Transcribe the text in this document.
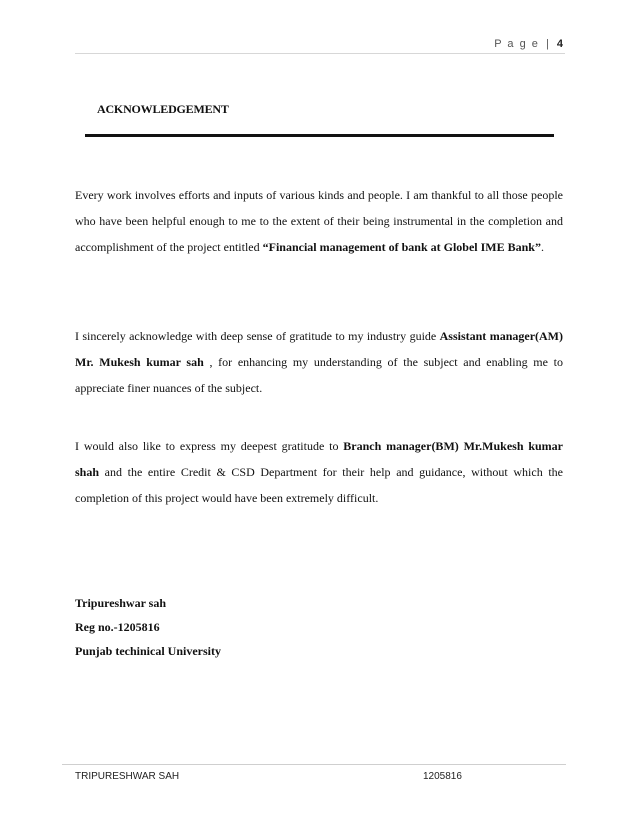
P a g e | 4
ACKNOWLEDGEMENT

Every work involves efforts and inputs of various kinds and people. I am thankful to all those people who have been helpful enough to me to the extent of their being instrumental in the completion and accomplishment of the project entitled “Financial management of bank at Globel IME Bank”.

I sincerely acknowledge with deep sense of gratitude to my industry guide Assistant manager(AM) Mr. Mukesh kumar sah , for enhancing my understanding of the subject and enabling me to appreciate finer nuances of the subject.

I would also like to express my deepest gratitude to Branch manager(BM) Mr.Mukesh kumar shah and the entire Credit & CSD Department for their help and guidance, without which the completion of this project would have been extremely difficult.

Tripureshwar sah

Reg no.-1205816

Punjab techinical University

TRIPURESHWAR SAH	1205816
